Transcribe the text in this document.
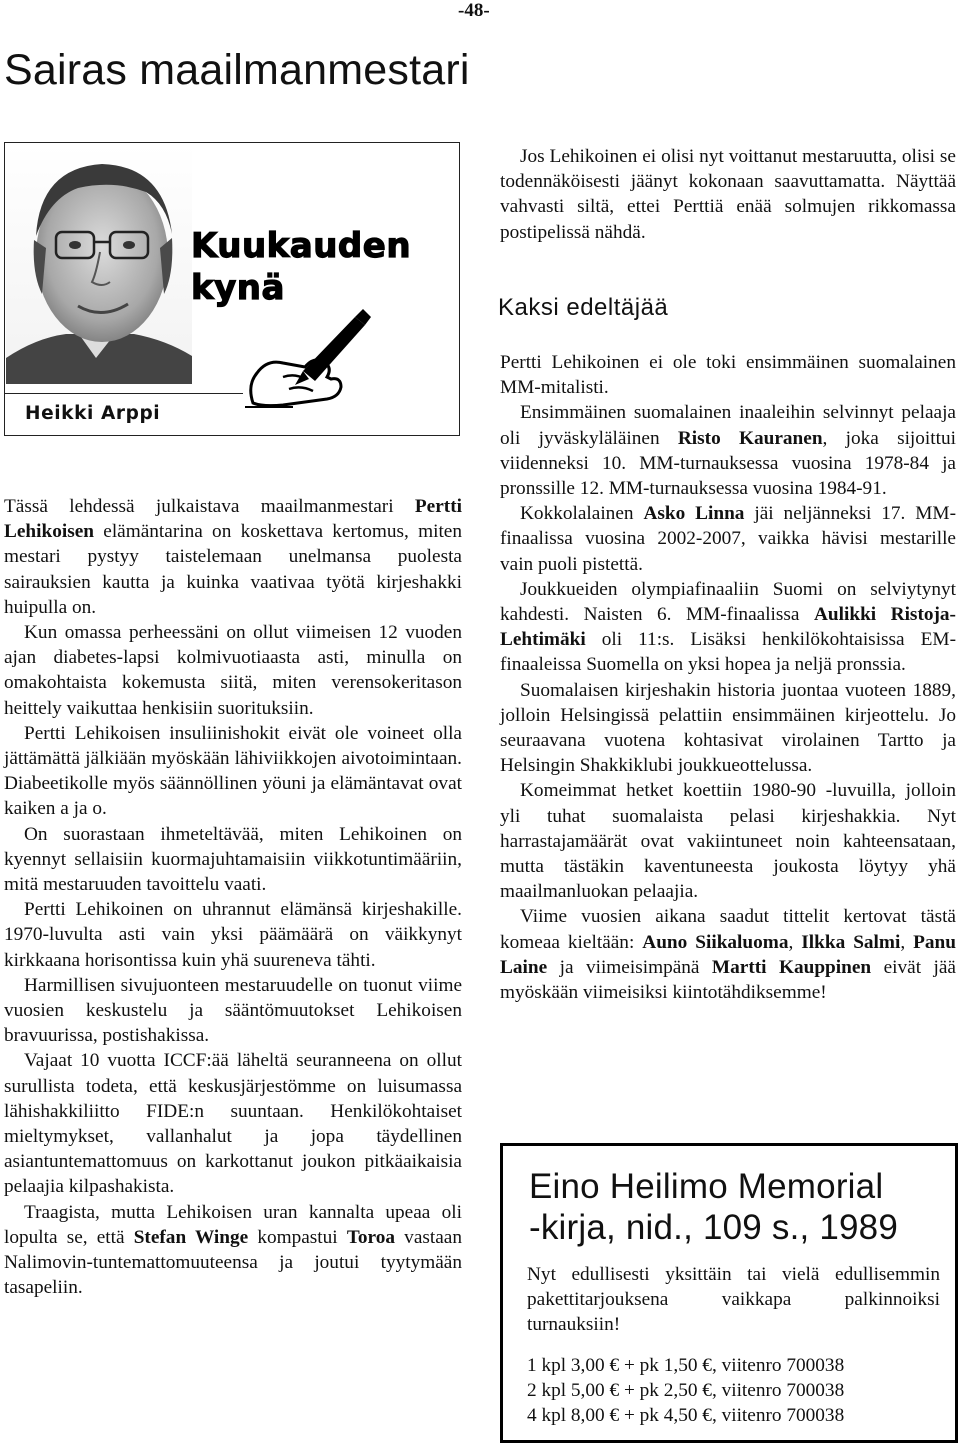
-48-
Sairas maailmanmestari
Kuukauden
kynä
Heikki Arppi

Tässä lehdessä julkaistava maailmanmestari Pertti Lehikoisen elämäntarina on koskettava kertomus, miten mestari pystyy taistelemaan unelmansa puolesta sairauksien kautta ja kuinka vaativaa työtä kirjeshakki huipulla on.

Kun omassa perheessäni on ollut viimeisen 12 vuoden ajan diabetes-lapsi kolmivuotiaasta asti, minulla on omakohtaista kokemusta siitä, miten verensokeritason heittely vaikuttaa henkisiin suorituksiin.

Pertti Lehikoisen insuliinishokit eivät ole voineet olla jättämättä jälkiään myöskään lähiviikkojen aivotoimintaan. Diabeetikolle myös säännöllinen yöuni ja elämäntavat ovat kaiken a ja o.

On suorastaan ihmeteltävää, miten Lehikoinen on kyennyt sellaisiin kuormajuhtamaisiin viikkotuntimääriin, mitä mestaruuden tavoittelu vaati.

Pertti Lehikoinen on uhrannut elämänsä kirjeshakille. 1970-luvulta asti vain yksi päämäärä on väikkynyt kirkkaana horisontissa kuin yhä suureneva tähti.

Harmillisen sivujuonteen mestaruudelle on tuonut viime vuosien keskustelu ja sääntömuutokset Lehikoisen bravuurissa, postishakissa.

Vajaat 10 vuotta ICCF:ää läheltä seuranneena on ollut surullista todeta, että keskusjärjestömme on luisumassa lähishakkiliitto FIDE:n suuntaan. Henkilökohtaiset mieltymykset, vallanhalut ja jopa täydellinen asiantuntemattomuus on karkottanut joukon pitkäaikaisia pelaajia kilpashakista.

Traagista, mutta Lehikoisen uran kannalta upeaa oli lopulta se, että Stefan Winge kompastui Toroa vastaan Nalimovin-tuntemattomuuteensa ja joutui tyytymään tasapeliin.

Jos Lehikoinen ei olisi nyt voittanut mestaruutta, olisi se todennäköisesti jäänyt kokonaan saavuttamatta. Näyttää vahvasti siltä, ettei Perttiä enää solmujen rikkomassa postipelissä nähdä.

Kaksi edeltäjää

Pertti Lehikoinen ei ole toki ensimmäinen suomalainen MM-mitalisti.

Ensimmäinen suomalainen inaaleihin selvinnyt pelaaja oli jyväskyläläinen Risto Kauranen, joka sijoittui viidenneksi 10. MM-turnauksessa vuosina 1978-84 ja pronssille 12. MM-turnauksessa vuosina 1984-91.

Kokkolalainen Asko Linna jäi neljänneksi 17. MM-finaalissa vuosina 2002-2007, vaikka hävisi mestarille vain puoli pistettä.

Joukkueiden olympiafinaaliin Suomi on selviytynyt kahdesti. Naisten 6. MM-finaalissa Aulikki Ristoja-Lehtimäki oli 11:s. Lisäksi henkilökohtaisissa EM-finaaleissa Suomella on yksi hopea ja neljä pronssia.

Suomalaisen kirjeshakin historia juontaa vuoteen 1889, jolloin Helsingissä pelattiin ensimmäinen kirjeottelu. Jo seuraavana vuotena kohtasivat virolainen Tartto ja Helsingin Shakkiklubi joukkueottelussa.

Komeimmat hetket koettiin 1980-90 -luvuilla, jolloin yli tuhat suomalaista pelasi kirjeshakkia. Nyt harrastajamäärät ovat vakiintuneet noin kahteensataan, mutta tästäkin kaventuneesta joukosta löytyy yhä maailmanluokan pelaajia.

Viime vuosien aikana saadut tittelit kertovat tästä komeaa kieltään: Auno Siikaluoma, Ilkka Salmi, Panu Laine ja viimeisimpänä Martti Kauppinen eivät jää myöskään viimeisiksi kiintotähdiksemme!

Eino Heilimo Memorial
-kirja, nid., 109 s., 1989

Nyt edullisesti yksittäin tai vielä edullisemmin pakettitarjouksena vaikkapa palkinnoiksi turnauksiin!

1 kpl 3,00 € + pk 1,50 €, viitenro 700038
2 kpl 5,00 € + pk 2,50 €, viitenro 700038
4 kpl 8,00 € + pk 4,50 €, viitenro 700038
